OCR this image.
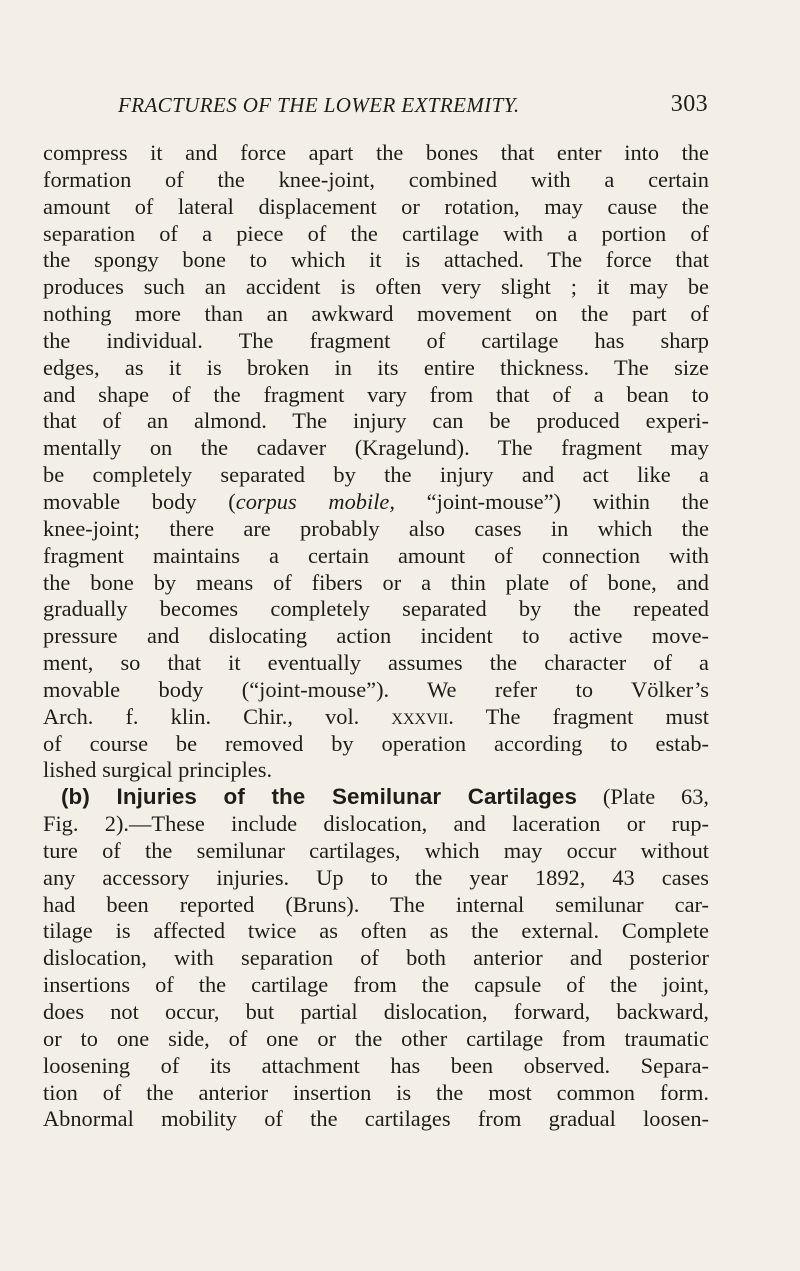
FRACTURES OF THE LOWER EXTREMITY.	303
compress it and force apart the bones that enter into the
formation of the knee-joint, combined with a certain
amount of lateral displacement or rotation, may cause the
separation of a piece of the cartilage with a portion of
the spongy bone to which it is attached. The force that
produces such an accident is often very slight ; it may be
nothing more than an awkward movement on the part of
the individual. The fragment of cartilage has sharp
edges, as it is broken in its entire thickness. The size
and shape of the fragment vary from that of a bean to
that of an almond. The injury can be produced experi-
mentally on the cadaver (Kragelund). The fragment may
be completely separated by the injury and act like a
movable body (corpus mobile, “joint-mouse”) within the
knee-joint; there are probably also cases in which the
fragment maintains a certain amount of connection with
the bone by means of fibers or a thin plate of bone, and
gradually becomes completely separated by the repeated
pressure and dislocating action incident to active move-
ment, so that it eventually assumes the character of a
movable body (“joint-mouse”). We refer to Völker’s
Arch. f. klin. Chir., vol. xxxvii. The fragment must
of course be removed by operation according to estab-
lished surgical principles.
(b) Injuries of the Semilunar Cartilages (Plate 63,
Fig. 2).—These include dislocation, and laceration or rup-
ture of the semilunar cartilages, which may occur without
any accessory injuries. Up to the year 1892, 43 cases
had been reported (Bruns). The internal semilunar car-
tilage is affected twice as often as the external. Complete
dislocation, with separation of both anterior and posterior
insertions of the cartilage from the capsule of the joint,
does not occur, but partial dislocation, forward, backward,
or to one side, of one or the other cartilage from traumatic
loosening of its attachment has been observed. Separa-
tion of the anterior insertion is the most common form.
Abnormal mobility of the cartilages from gradual loosen-
